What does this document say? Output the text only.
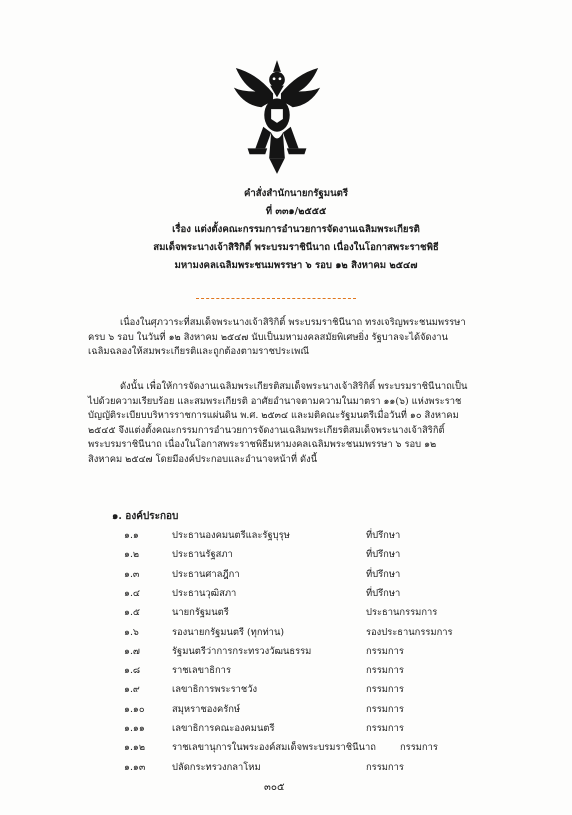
คำสั่งสำนักนายกรัฐมนตรี
ที่ ๓๓๑/๒๕๕๕
เรื่อง แต่งตั้งคณะกรรมการอำนวยการจัดงานเฉลิมพระเกียรติ
สมเด็จพระนางเจ้าสิริกิติ์ พระบรมราชินีนาถ เนื่องในโอกาสพระราชพิธี
มหามงคลเฉลิมพระชนมพรรษา ๖ รอบ ๑๒ สิงหาคม ๒๕๔๗

เนื่องในศุภวาระที่สมเด็จพระนางเจ้าสิริกิติ์ พระบรมราชินีนาถ ทรงเจริญพระชนมพรรษาครบ ๖ รอบ ในวันที่ ๑๒ สิงหาคม ๒๕๔๗ นับเป็นมหามงคลสมัยพิเศษยิ่ง รัฐบาลจะได้จัดงานเฉลิมฉลองให้สมพระเกียรติและถูกต้องตามราชประเพณี

ดังนั้น เพื่อให้การจัดงานเฉลิมพระเกียรติสมเด็จพระนางเจ้าสิริกิติ์ พระบรมราชินีนาถเป็นไปด้วยความเรียบร้อย และสมพระเกียรติ อาศัยอำนาจตามความในมาตรา ๑๑(๖) แห่งพระราชบัญญัติระเบียบบริหารราชการแผ่นดิน พ.ศ. ๒๕๓๔ และมติคณะรัฐมนตรีเมื่อวันที่ ๑๐ สิงหาคม ๒๕๔๕ จึงแต่งตั้งคณะกรรมการอำนวยการจัดงานเฉลิมพระเกียรติสมเด็จพระนางเจ้าสิริกิติ์ พระบรมราชินีนาถ เนื่องในโอกาสพระราชพิธีมหามงคลเฉลิมพระชนมพรรษา ๖ รอบ ๑๒ สิงหาคม ๒๕๔๗ โดยมีองค์ประกอบและอำนาจหน้าที่ ดังนี้

๑. องค์ประกอบ
๑.๑	ประธานองคมนตรีและรัฐบุรุษ	ที่ปรึกษา
๑.๒	ประธานรัฐสภา	ที่ปรึกษา
๑.๓	ประธานศาลฎีกา	ที่ปรึกษา
๑.๔	ประธานวุฒิสภา	ที่ปรึกษา
๑.๕	นายกรัฐมนตรี	ประธานกรรมการ
๑.๖	รองนายกรัฐมนตรี (ทุกท่าน)	รองประธานกรรมการ
๑.๗	รัฐมนตรีว่าการกระทรวงวัฒนธรรม	กรรมการ
๑.๘	ราชเลขาธิการ	กรรมการ
๑.๙	เลขาธิการพระราชวัง	กรรมการ
๑.๑๐	สมุหราชองครักษ์	กรรมการ
๑.๑๑	เลขาธิการคณะองคมนตรี	กรรมการ
๑.๑๒	ราชเลขานุการในพระองค์สมเด็จพระบรมราชินีนาถ	กรรมการ
๑.๑๓	ปลัดกระทรวงกลาโหม	กรรมการ
๓๐๕
